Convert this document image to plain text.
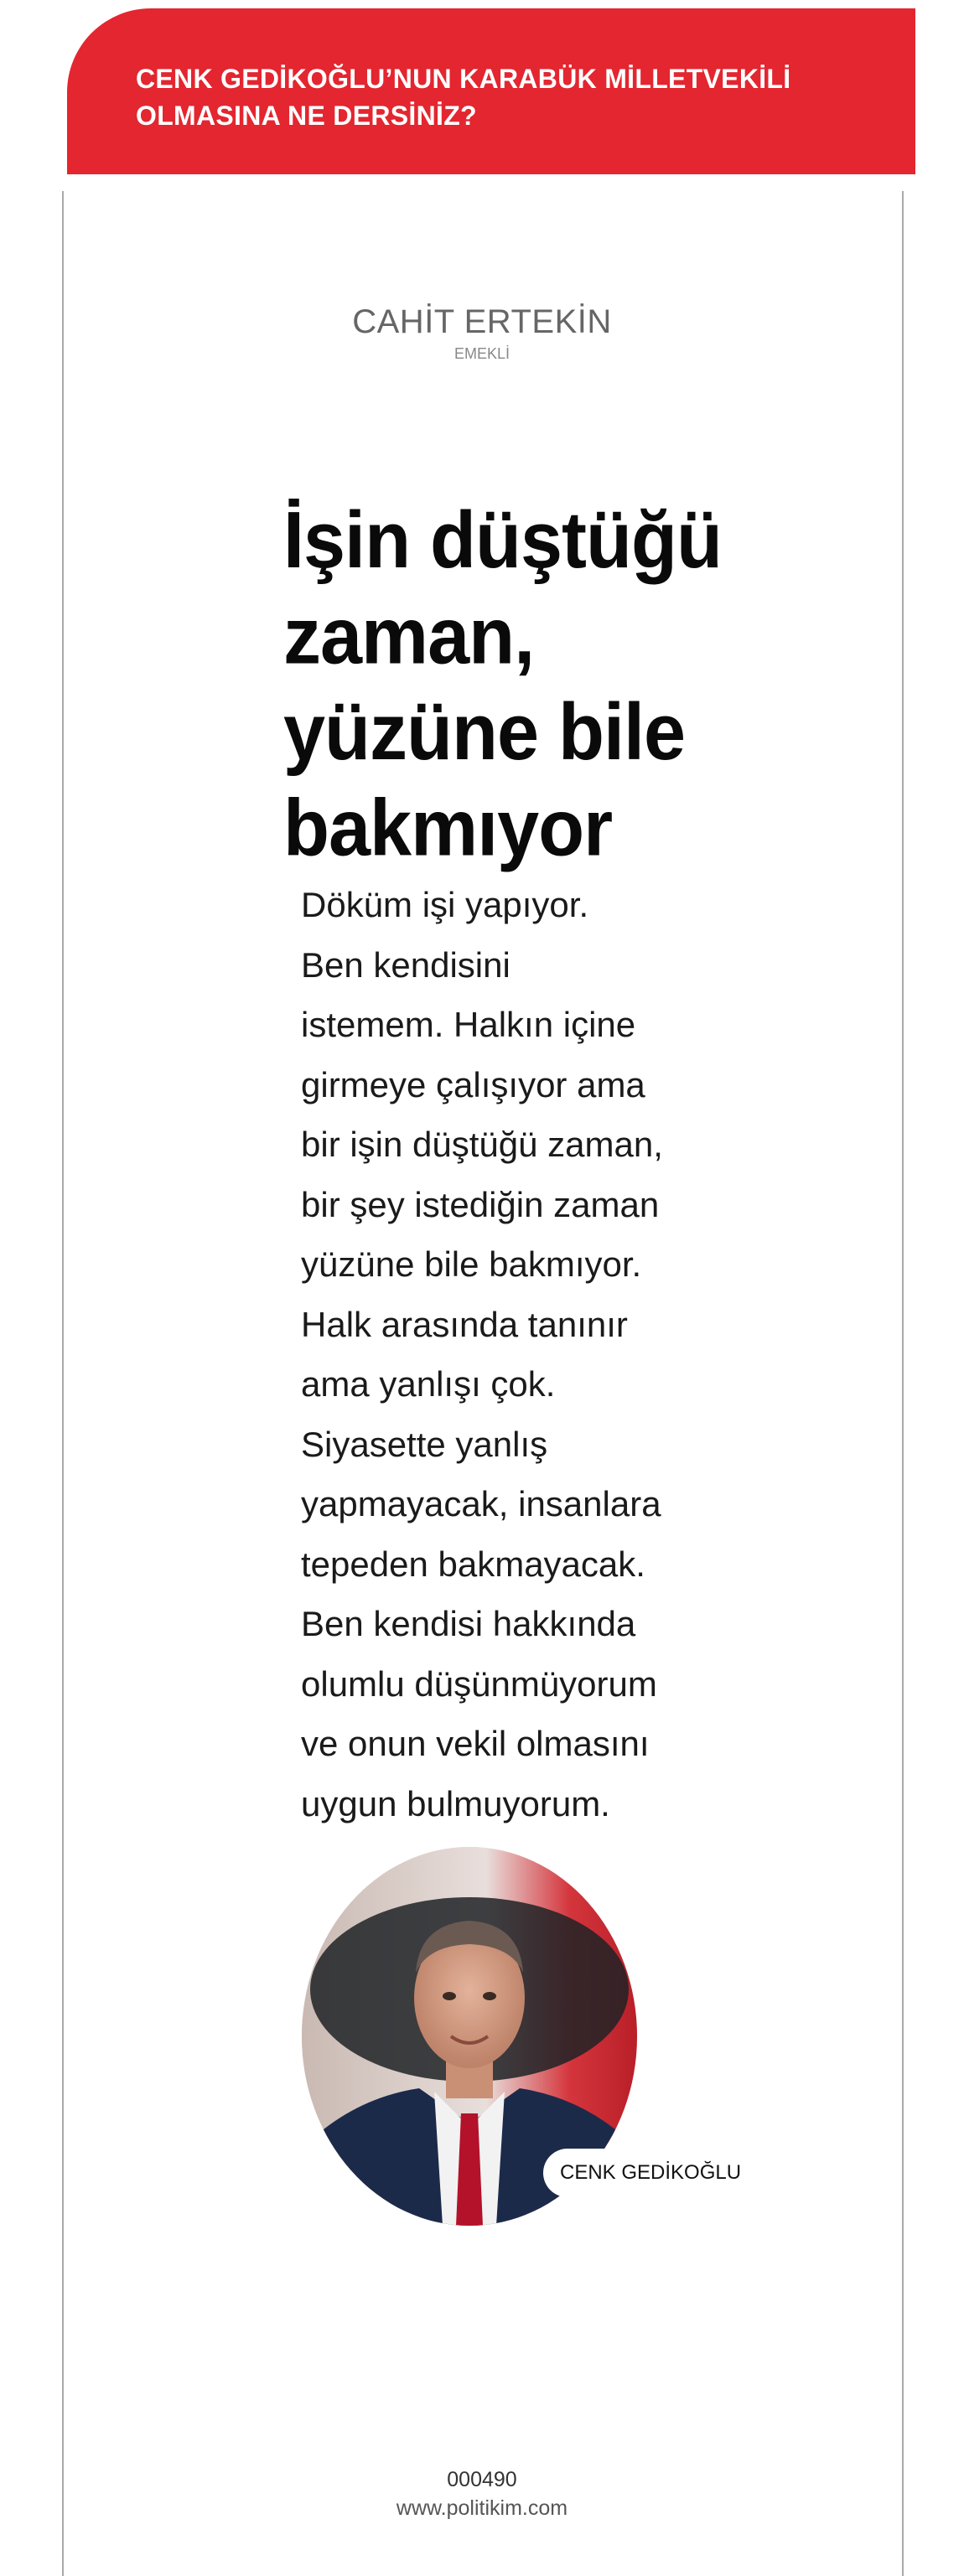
CENK GEDİKOĞLU’NUN KARABÜK MİLLETVEKİLİ
OLMASINA NE DERSİNİZ?
CAHİT ERTEKİN
EMEKLİ
İşin düştüğü zaman, yüzüne bile bakmıyor

Döküm işi yapıyor.
Ben kendisini
istemem. Halkın içine
girmeye çalışıyor ama
bir işin düştüğü zaman,
bir şey istediğin zaman
yüzüne bile bakmıyor.
Halk arasında tanınır
ama yanlışı çok.
Siyasette yanlış
yapmayacak, insanlara
tepeden bakmayacak.
Ben kendisi hakkında
olumlu düşünmüyorum
ve onun vekil olmasını
uygun bulmuyorum.

CENK GEDİKOĞLU
000490
www.politikim.com
